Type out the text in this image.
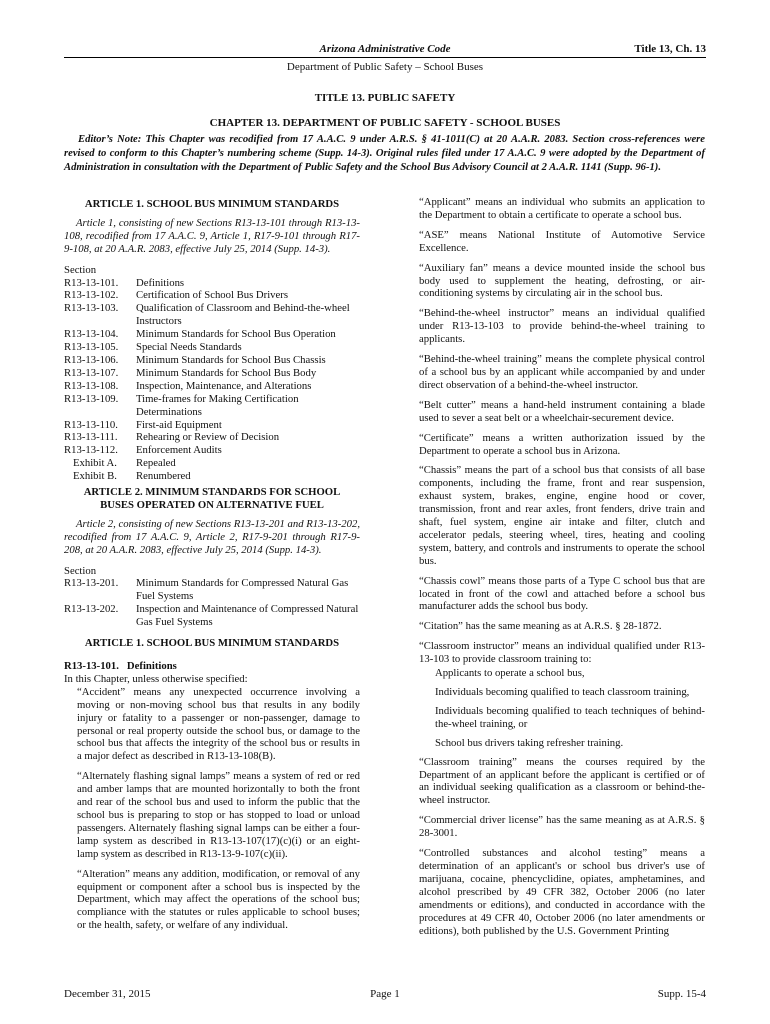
Arizona Administrative Code	Title 13, Ch. 13
Department of Public Safety – School Buses
TITLE 13. PUBLIC SAFETY
CHAPTER 13. DEPARTMENT OF PUBLIC SAFETY - SCHOOL BUSES
Editor’s Note: This Chapter was recodified from 17 A.A.C. 9 under A.R.S. § 41-1011(C) at 20 A.A.R. 2083. Section cross-references were revised to conform to this Chapter’s numbering scheme (Supp. 14-3). Original rules filed under 17 A.A.C. 9 were adopted by the Department of Administration in consultation with the Department of Public Safety and the School Bus Advisory Council at 2 A.A.R. 1141 (Supp. 96-1).
ARTICLE 1. SCHOOL BUS MINIMUM STANDARDS
Article 1, consisting of new Sections R13-13-101 through R13-13-108, recodified from 17 A.A.C. 9, Article 1, R17-9-101 through R17-9-108, at 20 A.A.R. 2083, effective July 25, 2014 (Supp. 14-3).
Section
R13-13-101.	Definitions
R13-13-102.	Certification of School Bus Drivers
R13-13-103.	Qualification of Classroom and Behind-the-wheel Instructors
R13-13-104.	Minimum Standards for School Bus Operation
R13-13-105.	Special Needs Standards
R13-13-106.	Minimum Standards for School Bus Chassis
R13-13-107.	Minimum Standards for School Bus Body
R13-13-108.	Inspection, Maintenance, and Alterations
R13-13-109.	Time-frames for Making Certification Determinations
R13-13-110.	First-aid Equipment
R13-13-111.	Rehearing or Review of Decision
R13-13-112.	Enforcement Audits
Exhibit A.	Repealed
Exhibit B.	Renumbered
ARTICLE 2. MINIMUM STANDARDS FOR SCHOOL
BUSES OPERATED ON ALTERNATIVE FUEL
Article 2, consisting of new Sections R13-13-201 and R13-13-202, recodified from 17 A.A.C. 9, Article 2, R17-9-201 through R17-9-208, at 20 A.A.R. 2083, effective July 25, 2014 (Supp. 14-3).
Section
R13-13-201.	Minimum Standards for Compressed Natural Gas Fuel Systems
R13-13-202.	Inspection and Maintenance of Compressed Natural Gas Fuel Systems
ARTICLE 1. SCHOOL BUS MINIMUM STANDARDS
R13-13-101.   Definitions
In this Chapter, unless otherwise specified:
“Accident” means any unexpected occurrence involving a moving or non-moving school bus that results in any bodily injury or fatality to a passenger or non-passenger, damage to personal or real property outside the school bus, or damage to the school bus that affects the integrity of the school bus or results in a major defect as described in R13-13-108(B).
“Alternately flashing signal lamps” means a system of red or red and amber lamps that are mounted horizontally to both the front and rear of the school bus and used to inform the public that the school bus is preparing to stop or has stopped to load or unload passengers. Alternately flashing signal lamps can be either a four-lamp system as described in R13-13-107(17)(c)(i) or an eight-lamp system as described in R13-13-9-107(c)(ii).
“Alteration” means any addition, modification, or removal of any equipment or component after a school bus is inspected by the Department, which may affect the operations of the school bus; compliance with the statutes or rules applicable to school buses; or the health, safety, or welfare of any individual.
“Applicant” means an individual who submits an application to the Department to obtain a certificate to operate a school bus.
“ASE” means National Institute of Automotive Service Excellence.
“Auxiliary fan” means a device mounted inside the school bus body used to supplement the heating, defrosting, or air-conditioning systems by circulating air in the school bus.
“Behind-the-wheel instructor” means an individual qualified under R13-13-103 to provide behind-the-wheel training to applicants.
“Behind-the-wheel training” means the complete physical control of a school bus by an applicant while accompanied by and under direct observation of a behind-the-wheel instructor.
“Belt cutter” means a hand-held instrument containing a blade used to sever a seat belt or a wheelchair-securement device.
“Certificate” means a written authorization issued by the Department to operate a school bus in Arizona.
“Chassis” means the part of a school bus that consists of all base components, including the frame, front and rear suspension, exhaust system, brakes, engine, engine hood or cover, transmission, front and rear axles, front fenders, drive train and shaft, fuel system, engine air intake and filter, clutch and accelerator pedals, steering wheel, tires, heating and cooling system, battery, and controls and instruments to operate the school bus.
“Chassis cowl” means those parts of a Type C school bus that are located in front of the cowl and attached before a school bus manufacturer adds the school bus body.
“Citation” has the same meaning as at A.R.S. § 28-1872.
“Classroom instructor” means an individual qualified under R13-13-103 to provide classroom training to:
Applicants to operate a school bus,
Individuals becoming qualified to teach classroom training,
Individuals becoming qualified to teach techniques of behind-the-wheel training, or
School bus drivers taking refresher training.
“Classroom training” means the courses required by the Department of an applicant before the applicant is certified or of an individual seeking qualification as a classroom or behind-the-wheel instructor.
“Commercial driver license” has the same meaning as at A.R.S. § 28-3001.
“Controlled substances and alcohol testing” means a determination of an applicant's or school bus driver's use of marijuana, cocaine, phencyclidine, opiates, amphetamines, and alcohol prescribed by 49 CFR 382, October 2006 (no later amendments or editions), and conducted in accordance with the procedures at 49 CFR 40, October 2006 (no later amendments or editions), both published by the U.S. Government Printing
December 31, 2015	Page 1	Supp. 15-4
